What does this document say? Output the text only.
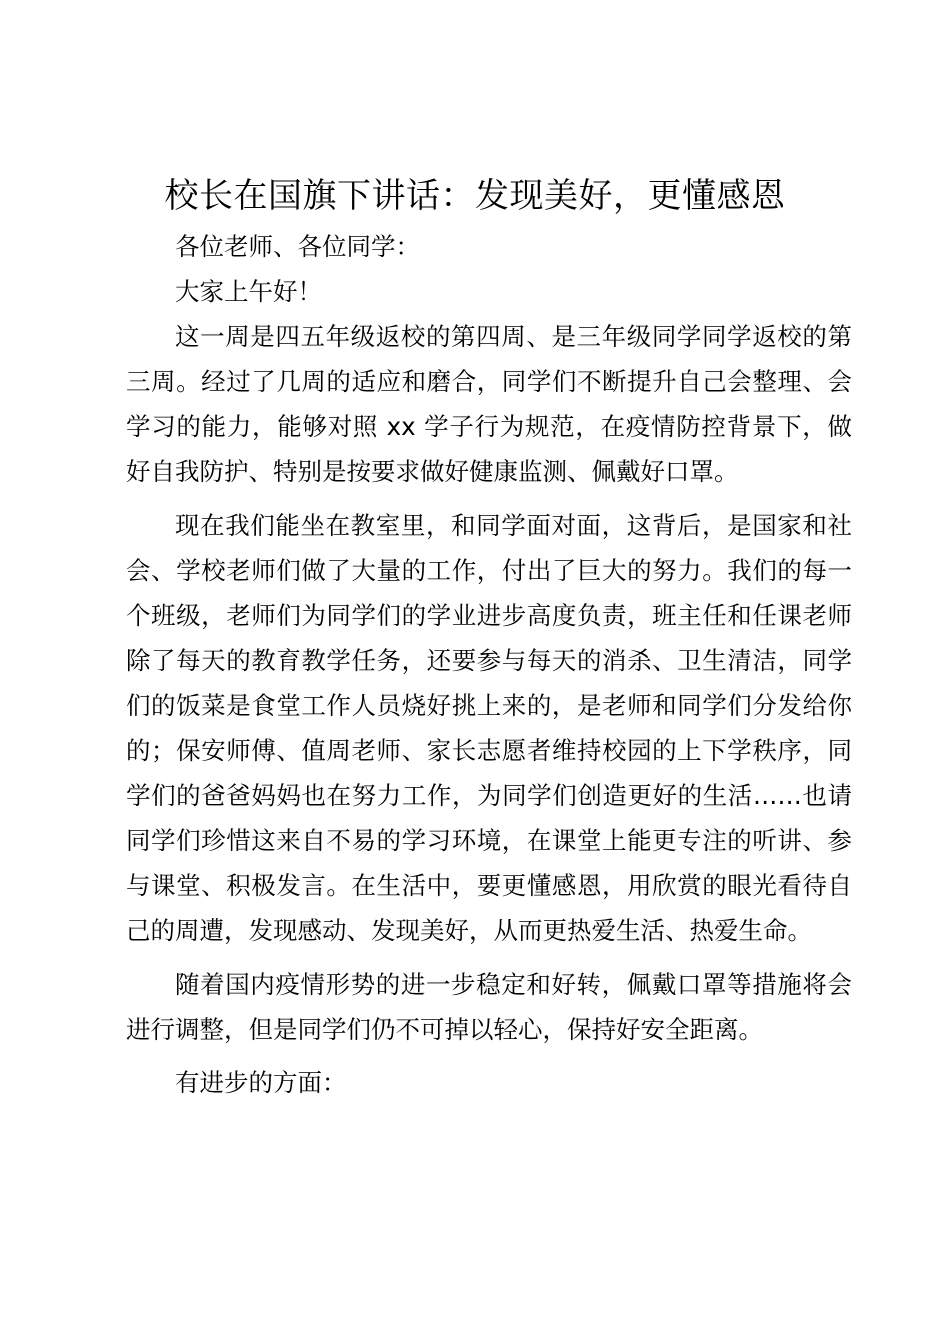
校长在国旗下讲话：发现美好，更懂感恩

各位老师、各位同学：

大家上午好！

这一周是四五年级返校的第四周、是三年级同学同学返校的第三周。经过了几周的适应和磨合，同学们不断提升自己会整理、会学习的能力，能够对照 xx 学子行为规范，在疫情防控背景下，做好自我防护、特别是按要求做好健康监测、佩戴好口罩。

现在我们能坐在教室里，和同学面对面，这背后，是国家和社会、学校老师们做了大量的工作，付出了巨大的努力。我们的每一个班级，老师们为同学们的学业进步高度负责，班主任和任课老师除了每天的教育教学任务，还要参与每天的消杀、卫生清洁，同学们的饭菜是食堂工作人员烧好挑上来的，是老师和同学们分发给你的；保安师傅、值周老师、家长志愿者维持校园的上下学秩序，同学们的爸爸妈妈也在努力工作，为同学们创造更好的生活……也请同学们珍惜这来自不易的学习环境，在课堂上能更专注的听讲、参与课堂、积极发言。在生活中，要更懂感恩，用欣赏的眼光看待自己的周遭，发现感动、发现美好，从而更热爱生活、热爱生命。

随着国内疫情形势的进一步稳定和好转，佩戴口罩等措施将会进行调整，但是同学们仍不可掉以轻心，保持好安全距离。

有进步的方面：
